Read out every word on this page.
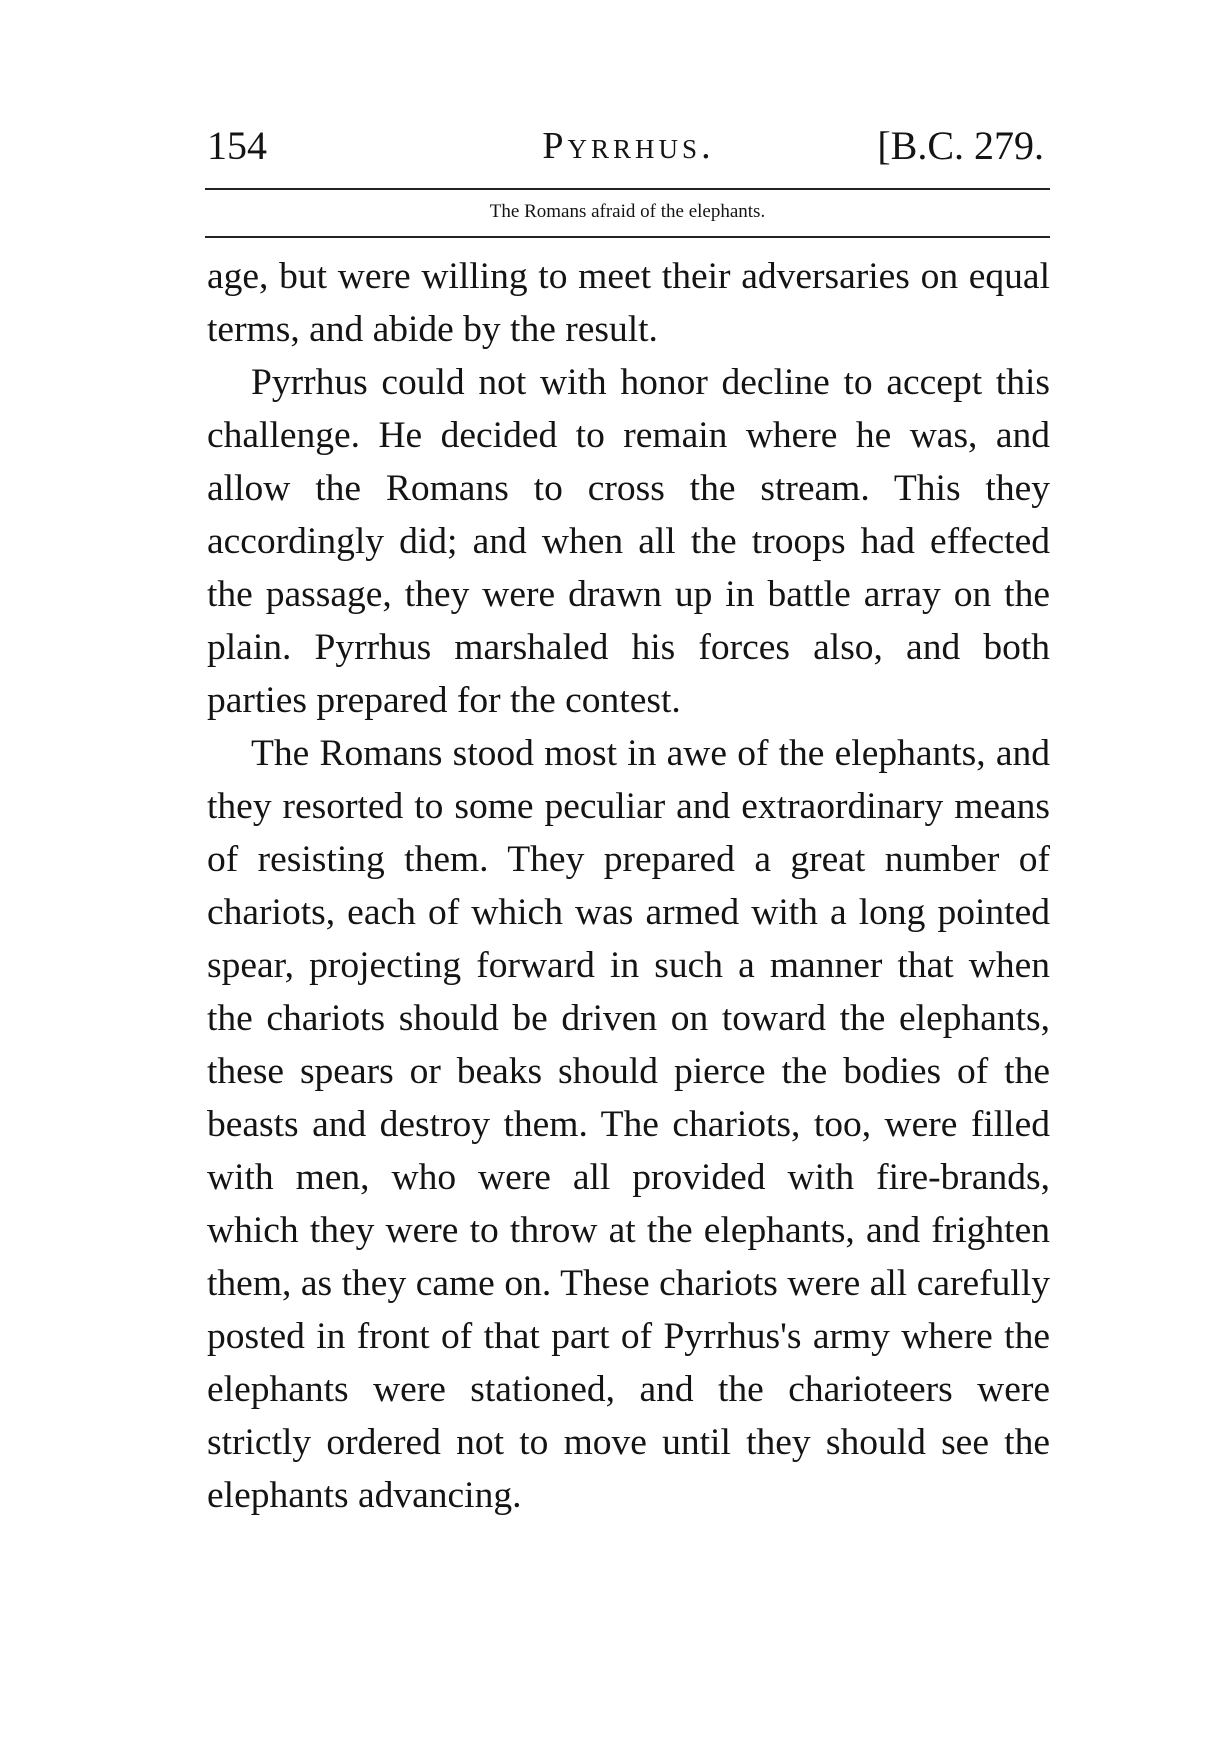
154	Pyrrhus.	[B.C. 279.
The Romans afraid of the elephants.

age, but were willing to meet their adversaries on equal terms, and abide by the result.

Pyrrhus could not with honor decline to accept this challenge. He decided to remain where he was, and allow the Romans to cross the stream. This they accordingly did; and when all the troops had effected the passage, they were drawn up in battle array on the plain. Pyrrhus marshaled his forces also, and both parties prepared for the contest.

The Romans stood most in awe of the elephants, and they resorted to some peculiar and extraordinary means of resisting them. They prepared a great number of chariots, each of which was armed with a long pointed spear, projecting forward in such a manner that when the chariots should be driven on toward the elephants, these spears or beaks should pierce the bodies of the beasts and destroy them. The chariots, too, were filled with men, who were all provided with fire-brands, which they were to throw at the elephants, and frighten them, as they came on. These chariots were all carefully posted in front of that part of Pyrrhus's army where the elephants were stationed, and the charioteers were strictly ordered not to move until they should see the elephants advancing.
